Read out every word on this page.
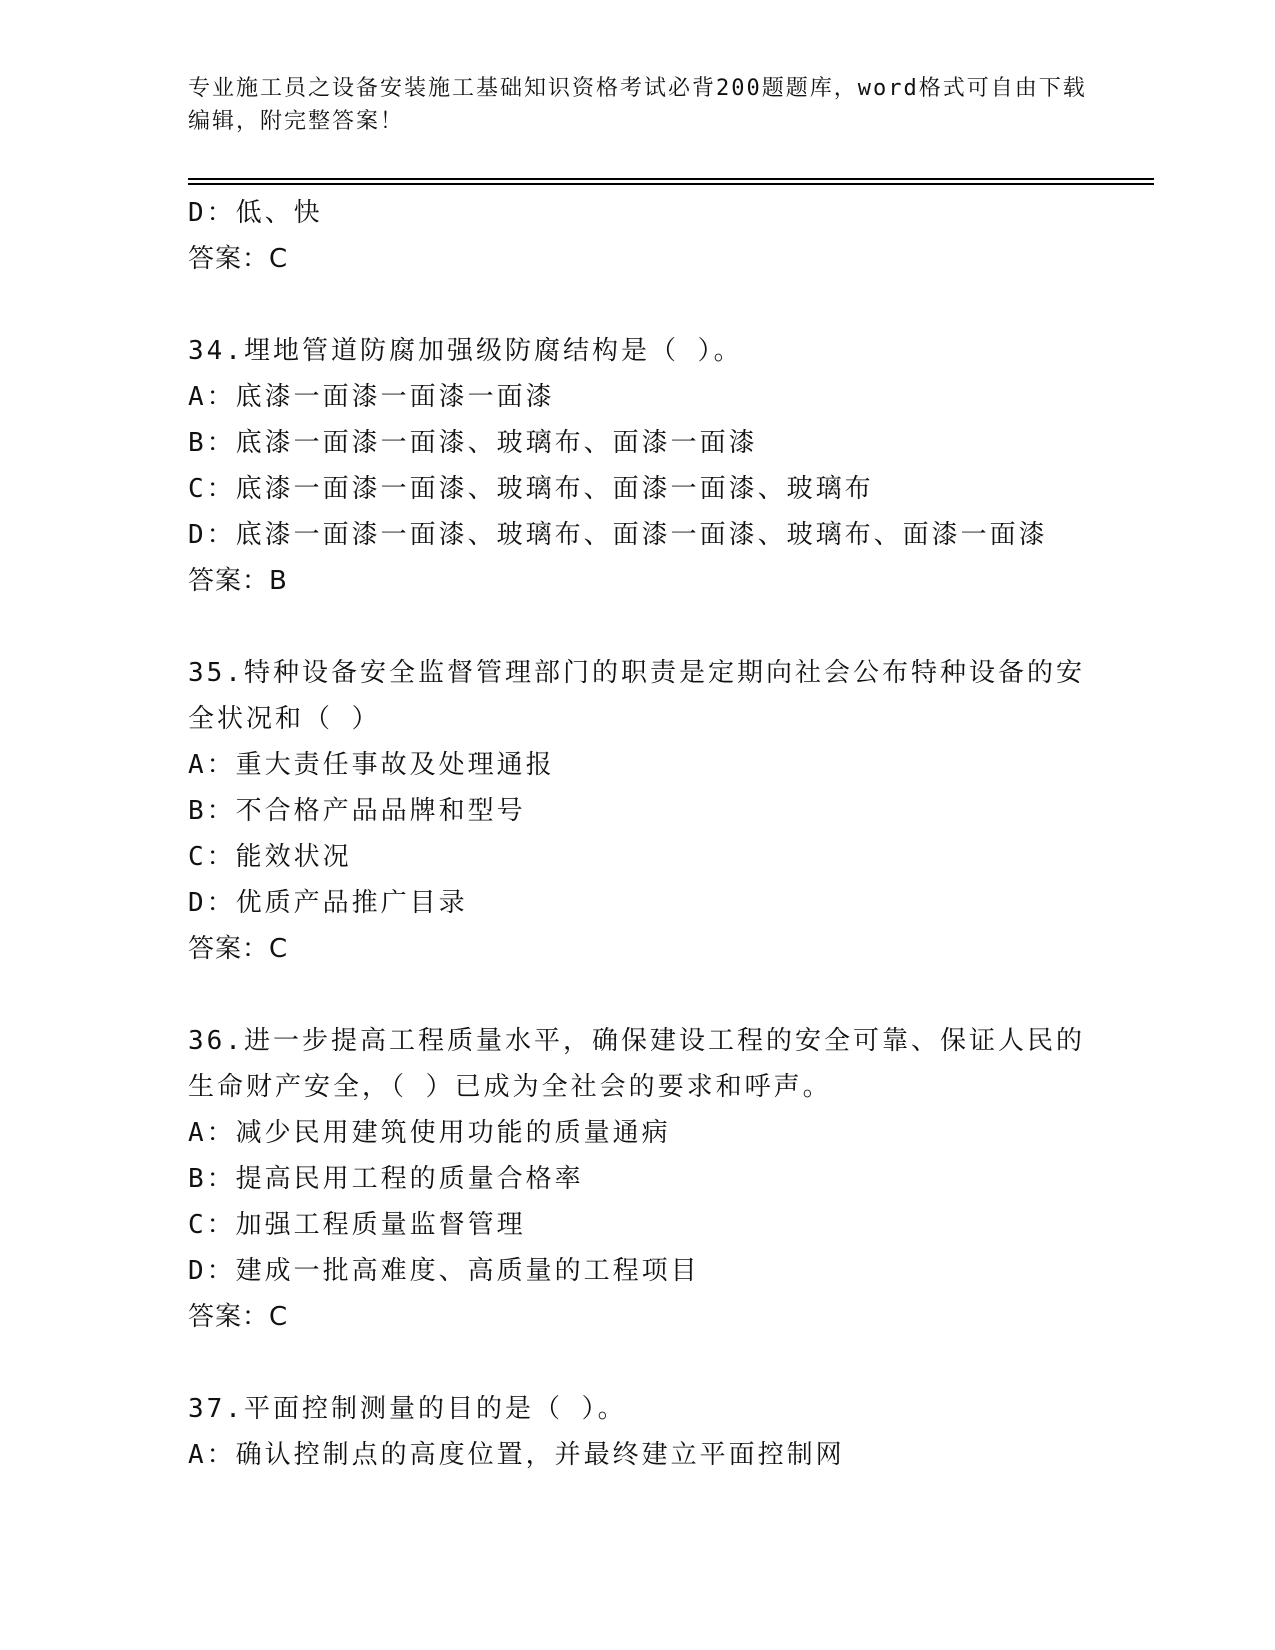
专业施工员之设备安装施工基础知识资格考试必背200题题库，word格式可自由下载编辑，附完整答案！
D：低、快
答案：C
34.埋地管道防腐加强级防腐结构是（ ）。
A：底漆一面漆一面漆一面漆
B：底漆一面漆一面漆、玻璃布、面漆一面漆
C：底漆一面漆一面漆、玻璃布、面漆一面漆、玻璃布
D：底漆一面漆一面漆、玻璃布、面漆一面漆、玻璃布、面漆一面漆
答案：B
35.特种设备安全监督管理部门的职责是定期向社会公布特种设备的安
全状况和（ ）
A：重大责任事故及处理通报
B：不合格产品品牌和型号
C：能效状况
D：优质产品推广目录
答案：C
36.进一步提高工程质量水平，确保建设工程的安全可靠、保证人民的
生命财产安全，（ ）已成为全社会的要求和呼声。
A：减少民用建筑使用功能的质量通病
B：提高民用工程的质量合格率
C：加强工程质量监督管理
D：建成一批高难度、高质量的工程项目
答案：C
37.平面控制测量的目的是（ ）。
A：确认控制点的高度位置，并最终建立平面控制网
